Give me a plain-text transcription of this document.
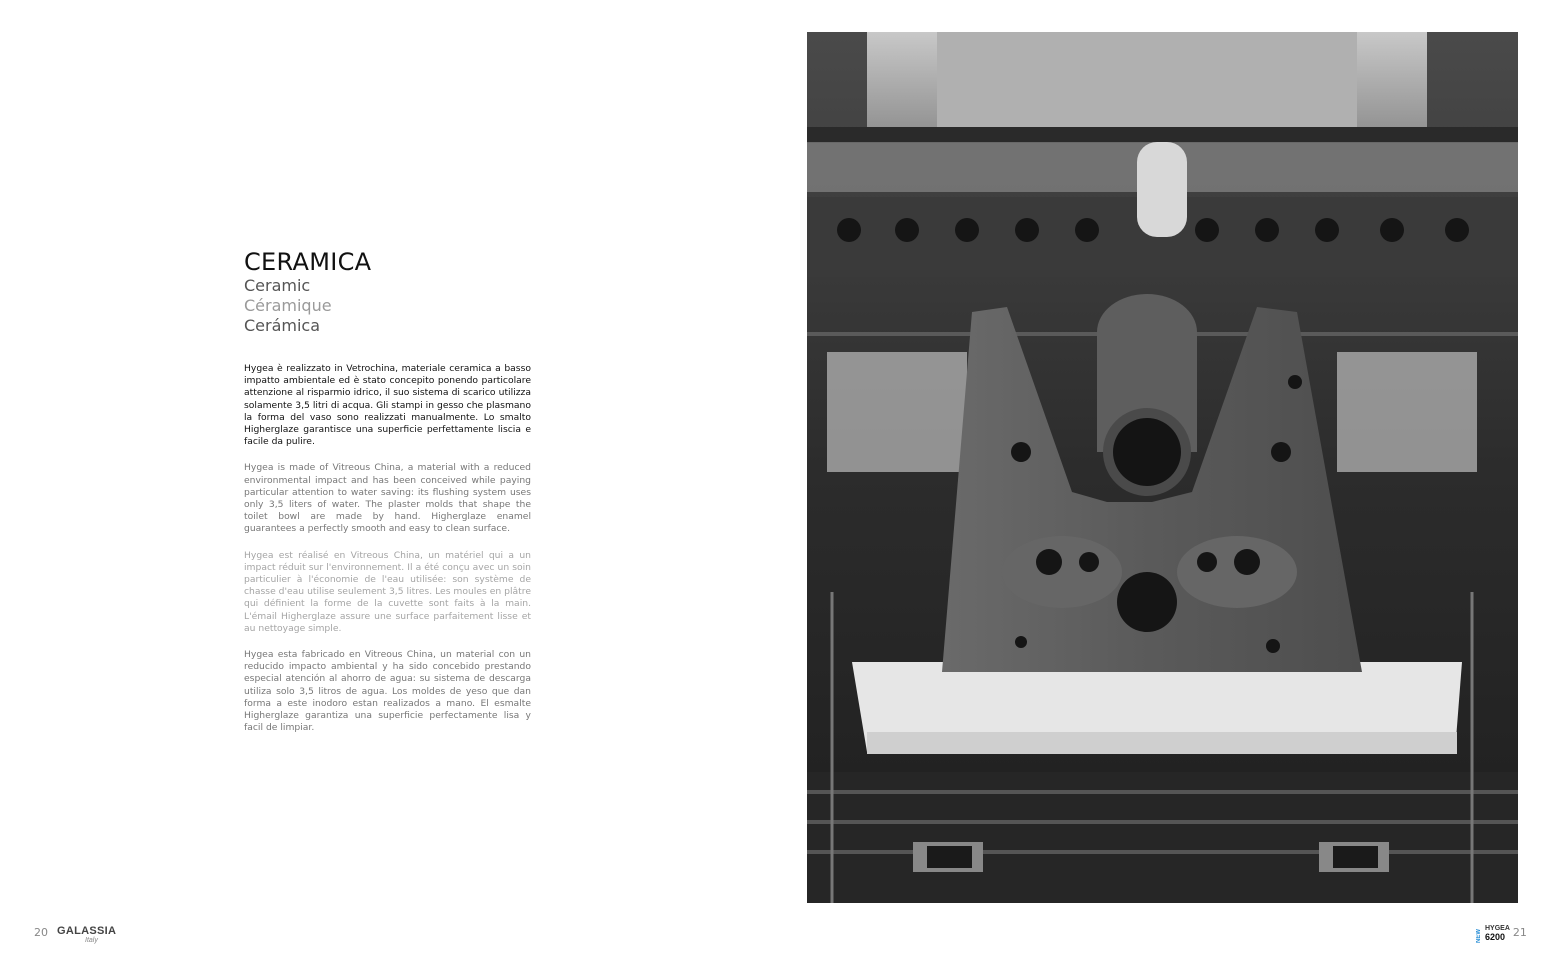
CERAMICA
Ceramic
Céramique
Cerámica

Hygea è realizzato in Vetrochina, materiale ceramica a basso impatto ambientale ed è stato concepito ponendo particolare attenzione al risparmio idrico, il suo sistema di scarico utilizza solamente 3,5 litri di acqua. Gli stampi in gesso che plasmano la forma del vaso sono realizzati manualmente. Lo smalto Higherglaze garantisce una superficie perfettamente liscia e facile da pulire.

Hygea is made of Vitreous China, a material with a reduced environmental impact and has been conceived while paying particular attention to water saving: its flushing system uses only 3,5 liters of water. The plaster molds that shape the toilet bowl are made by hand. Higherglaze enamel guarantees a perfectly smooth and easy to clean surface.

Hygea est réalisé en Vitreous China, un matériel qui a un impact réduit sur l'environnement. Il a été conçu avec un soin particulier à l'économie de l'eau utilisée: son système de chasse d'eau utilise seulement 3,5 litres. Les moules en plâtre qui définient la forme de la cuvette sont faits à la main. L'émail Higherglaze assure une surface parfaitement lisse et au nettoyage simple.

Hygea esta fabricado en Vitreous China, un material con un reducido impacto ambiental y ha sido concebido prestando especial atención al ahorro de agua: su sistema de descarga utiliza solo 3,5 litros de agua. Los moldes de yeso que dan forma a este inodoro estan realizados a mano. El esmalte Higherglaze garantiza una superficie perfectamente lisa y facil de limpiar.

20 GALASSIA
Italy	NEW
HYGEA
6200 21
